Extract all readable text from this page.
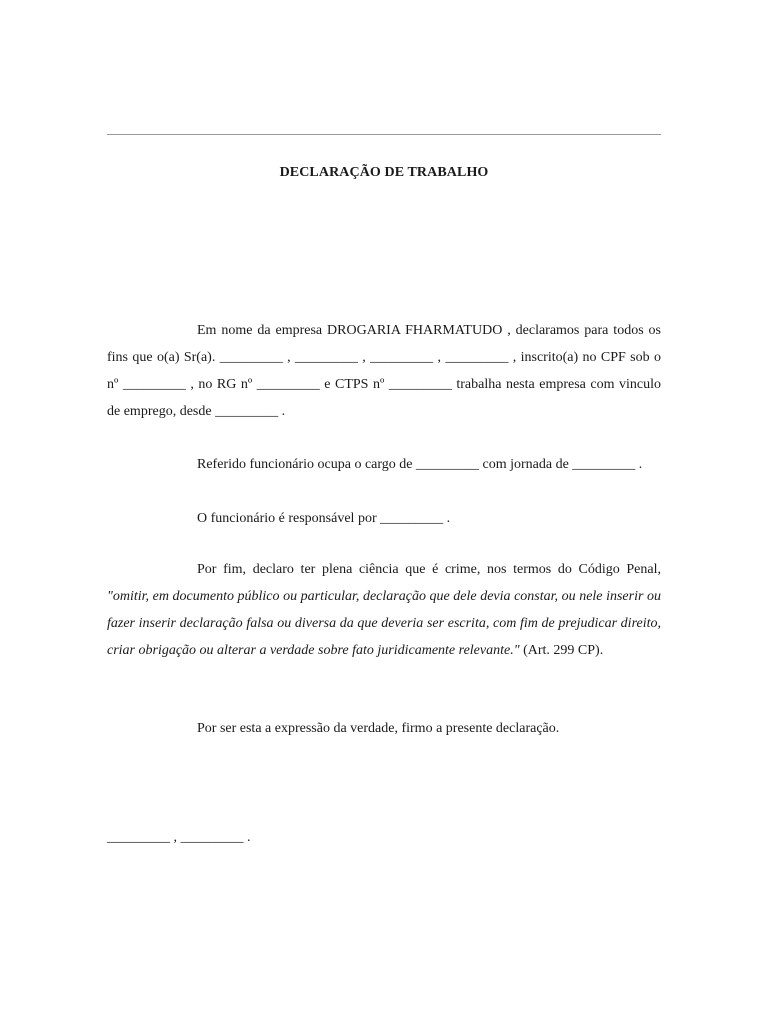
DECLARAÇÃO DE TRABALHO

Em nome da empresa DROGARIA FHARMATUDO , declaramos para todos os fins que o(a) Sr(a). _________ , _________ , _________ , _________ , inscrito(a) no CPF sob o nº _________ , no RG nº _________ e CTPS nº _________ trabalha nesta empresa com vinculo de emprego, desde _________ .

Referido funcionário ocupa o cargo de _________ com jornada de _________ .

O funcionário é responsável por _________ .

Por fim, declaro ter plena ciência que é crime, nos termos do Código Penal, "omitir, em documento público ou particular, declaração que dele devia constar, ou nele inserir ou fazer inserir declaração falsa ou diversa da que deveria ser escrita, com fim de prejudicar direito, criar obrigação ou alterar a verdade sobre fato juridicamente relevante." (Art. 299 CP).

Por ser esta a expressão da verdade, firmo a presente declaração.

_________ , _________ .
